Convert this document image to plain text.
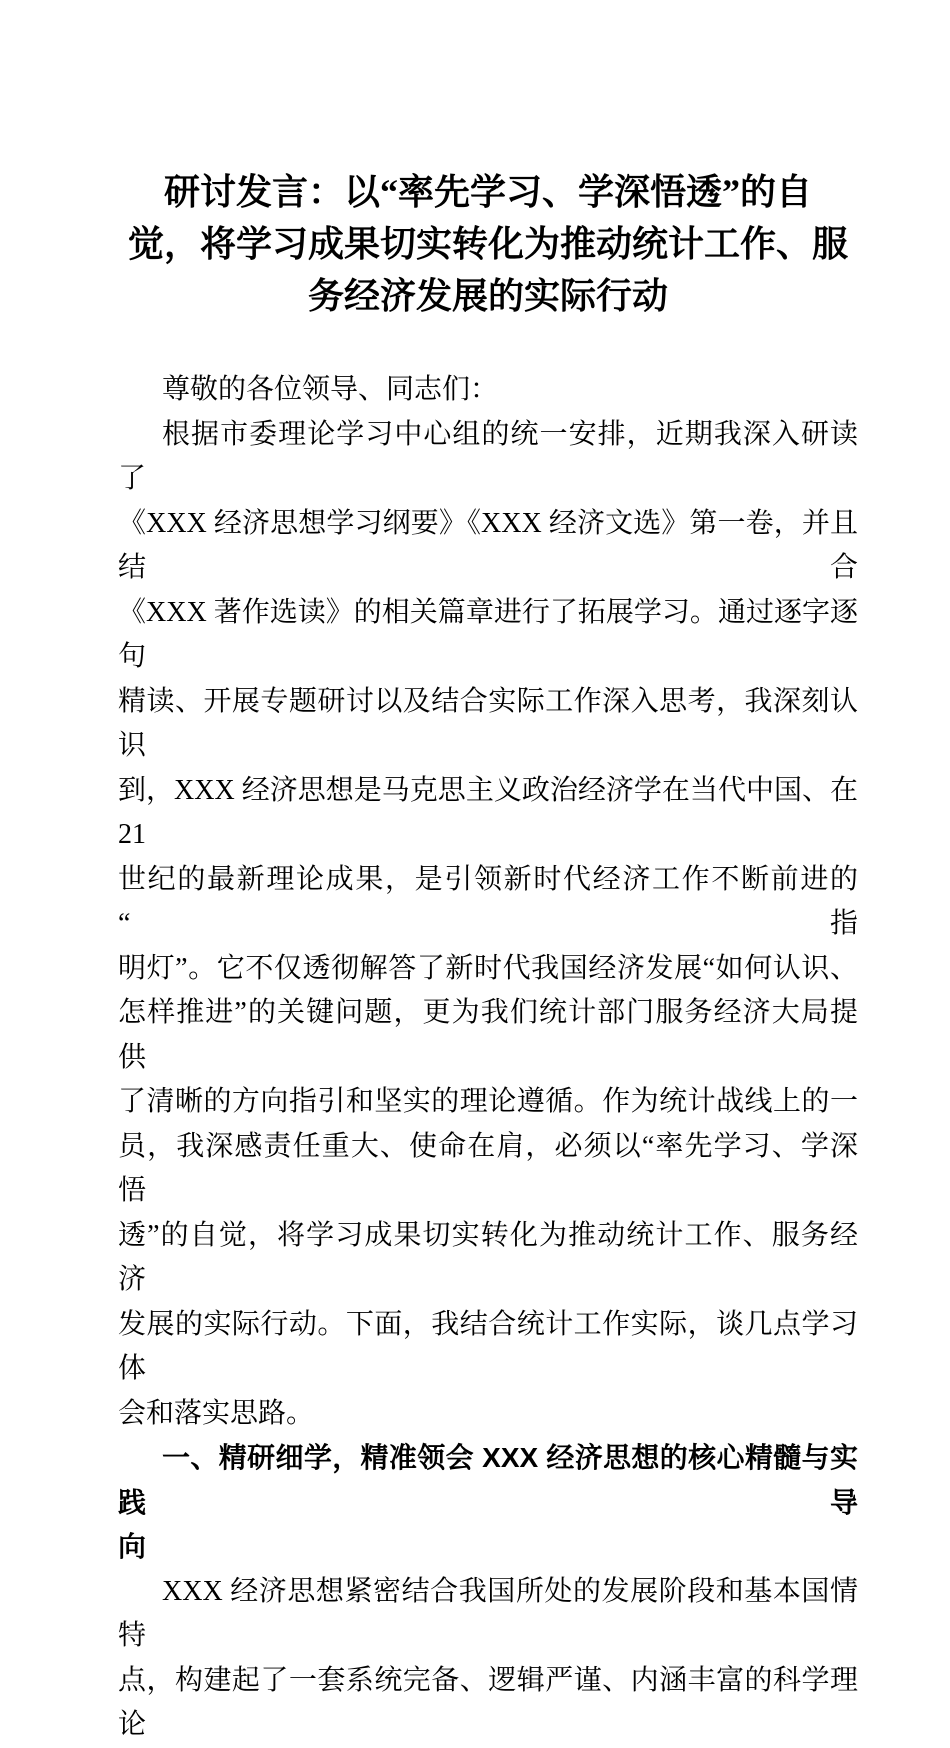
研讨发言：以“率先学习、学深悟透”的自
觉，将学习成果切实转化为推动统计工作、服
务经济发展的实际行动
尊敬的各位领导、同志们：
根据市委理论学习中心组的统一安排，近期我深入研读了
《XXX 经济思想学习纲要》《XXX 经济文选》第一卷，并且结合
《XXX 著作选读》的相关篇章进行了拓展学习。通过逐字逐句
精读、开展专题研讨以及结合实际工作深入思考，我深刻认识
到，XXX 经济思想是马克思主义政治经济学在当代中国、在 21
世纪的最新理论成果，是引领新时代经济工作不断前进的“指
明灯”。它不仅透彻解答了新时代我国经济发展“如何认识、
怎样推进”的关键问题，更为我们统计部门服务经济大局提供
了清晰的方向指引和坚实的理论遵循。作为统计战线上的一
员，我深感责任重大、使命在肩，必须以“率先学习、学深悟
透”的自觉，将学习成果切实转化为推动统计工作、服务经济
发展的实际行动。下面，我结合统计工作实际，谈几点学习体
会和落实思路。
一、精研细学，精准领会 XXX 经济思想的核心精髓与实践导
向
XXX 经济思想紧密结合我国所处的发展阶段和基本国情特
点，构建起了一套系统完备、逻辑严谨、内涵丰富的科学理论
